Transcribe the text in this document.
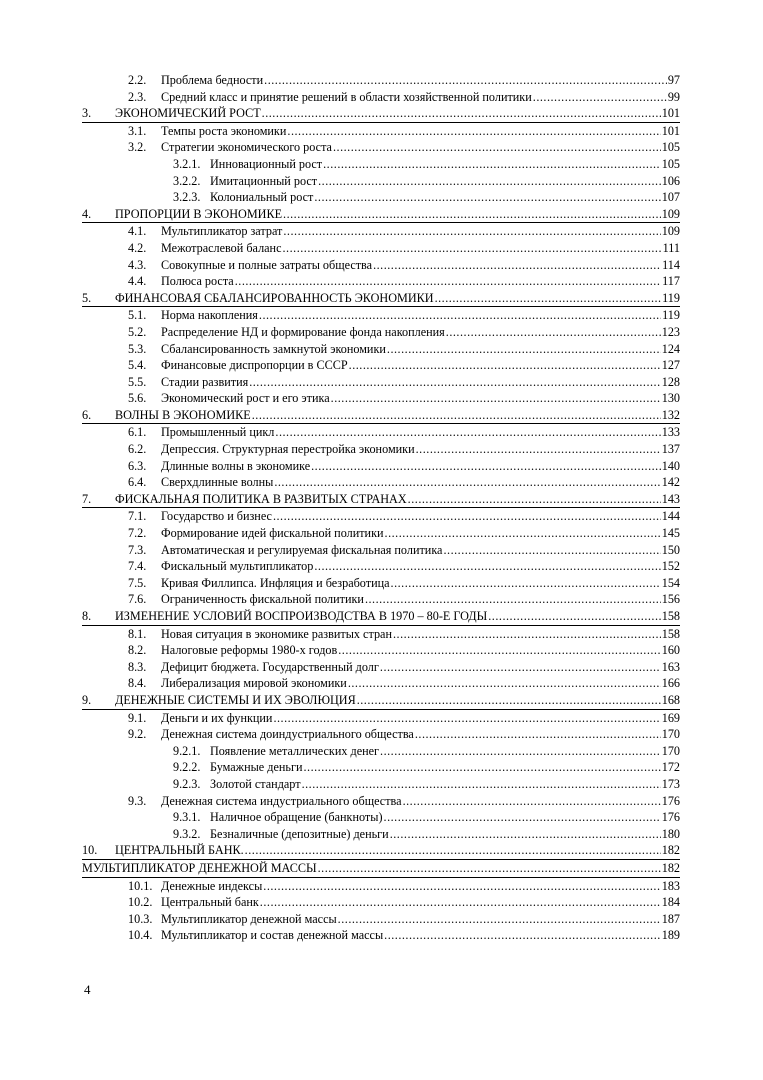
2.2. Проблема бедности .....	97
2.3. Средний класс и принятие решений в области хозяйственной политики .....	99
3. ЭКОНОМИЧЕСКИЙ РОСТ .....	101
3.1. Темпы роста экономики .....	101
3.2. Стратегии экономического роста .....	105
3.2.1. Инновационный рост .....	105
3.2.2. Имитационный рост .....	106
3.2.3. Колониальный рост .....	107
4. ПРОПОРЦИИ В ЭКОНОМИКЕ .....	109
4.1. Мультипликатор затрат .....	109
4.2. Межотраслевой баланс .....	111
4.3. Совокупные и полные затраты общества .....	114
4.4. Полюса роста .....	117
5. ФИНАНСОВАЯ СБАЛАНСИРОВАННОСТЬ ЭКОНОМИКИ .....	119
5.1. Норма накопления .....	119
5.2. Распределение НД и формирование фонда накопления .....	123
5.3. Сбалансированность замкнутой экономики .....	124
5.4. Финансовые диспропорции в СССР .....	127
5.5. Стадии развития .....	128
5.6. Экономический рост и его этика .....	130
6. ВОЛНЫ В ЭКОНОМИКЕ .....	132
6.1. Промышленный цикл .....	133
6.2. Депрессия. Структурная перестройка экономики .....	137
6.3. Длинные волны в экономике .....	140
6.4. Сверхдлинные волны .....	142
7. ФИСКАЛЬНАЯ ПОЛИТИКА В РАЗВИТЫХ СТРАНАХ .....	143
7.1. Государство и бизнес .....	144
7.2. Формирование идей фискальной политики .....	145
7.3. Автоматическая и регулируемая фискальная политика .....	150
7.4. Фискальный мультипликатор .....	152
7.5. Кривая Филлипса. Инфляция и безработица .....	154
7.6. Ограниченность фискальной политики .....	156
8. ИЗМЕНЕНИЕ УСЛОВИЙ ВОСПРОИЗВОДСТВА В 1970 – 80-Е ГОДЫ .....	158
8.1. Новая ситуация в экономике развитых стран .....	158
8.2. Налоговые реформы 1980-х годов .....	160
8.3. Дефицит бюджета. Государственный долг .....	163
8.4. Либерализация мировой экономики .....	166
9. ДЕНЕЖНЫЕ СИСТЕМЫ И ИХ ЭВОЛЮЦИЯ .....	168
9.1. Деньги и их функции .....	169
9.2. Денежная система доиндустриального общества .....	170
9.2.1. Появление металлических денег .....	170
9.2.2. Бумажные деньги .....	172
9.2.3. Золотой стандарт .....	173
9.3. Денежная система индустриального общества .....	176
9.3.1. Наличное обращение (банкноты) .....	176
9.3.2. Безналичные (депозитные) деньги .....	180
10. ЦЕНТРАЛЬНЫЙ БАНК. .....	182
МУЛЬТИПЛИКАТОР ДЕНЕЖНОЙ МАССЫ .....	182
10.1. Денежные индексы .....	183
10.2. Центральный банк .....	184
10.3. Мультипликатор денежной массы .....	187
10.4. Мультипликатор и состав денежной массы .....	189
4
